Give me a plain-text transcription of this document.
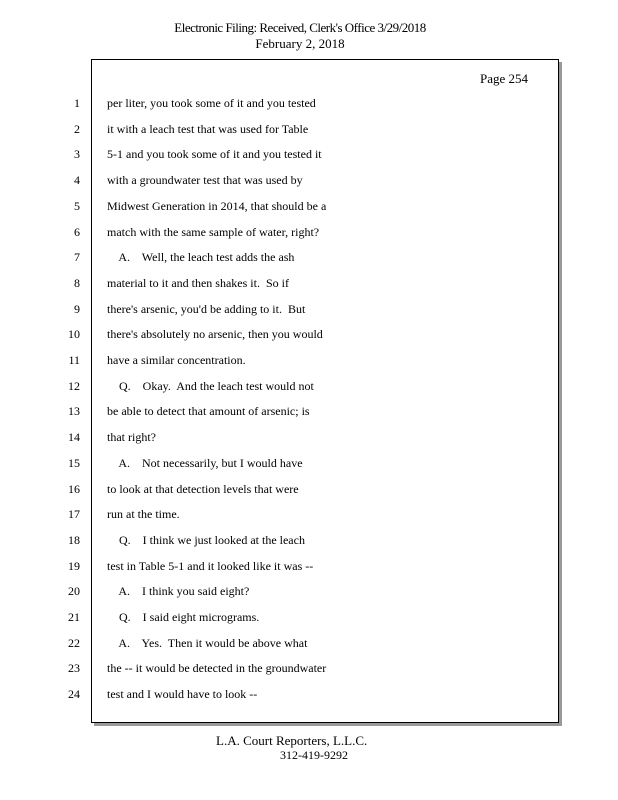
Electronic Filing: Received, Clerk's Office 3/29/2018
February 2, 2018
Page 254
1 per liter, you took some of it and you tested
2 it with a leach test that was used for Table
3 5-1 and you took some of it and you tested it
4 with a groundwater test that was used by
5 Midwest Generation in 2014, that should be a
6 match with the same sample of water, right?
7 A.    Well, the leach test adds the ash
8 material to it and then shakes it.  So if
9 there's arsenic, you'd be adding to it.  But
10 there's absolutely no arsenic, then you would
11 have a similar concentration.
12 Q.    Okay.  And the leach test would not
13 be able to detect that amount of arsenic; is
14 that right?
15 A.    Not necessarily, but I would have
16 to look at that detection levels that were
17 run at the time.
18 Q.    I think we just looked at the leach
19 test in Table 5-1 and it looked like it was --
20 A.    I think you said eight?
21 Q.    I said eight micrograms.
22 A.    Yes.  Then it would be above what
23 the -- it would be detected in the groundwater
24 test and I would have to look --
L.A. Court Reporters, L.L.C.
312-419-9292
